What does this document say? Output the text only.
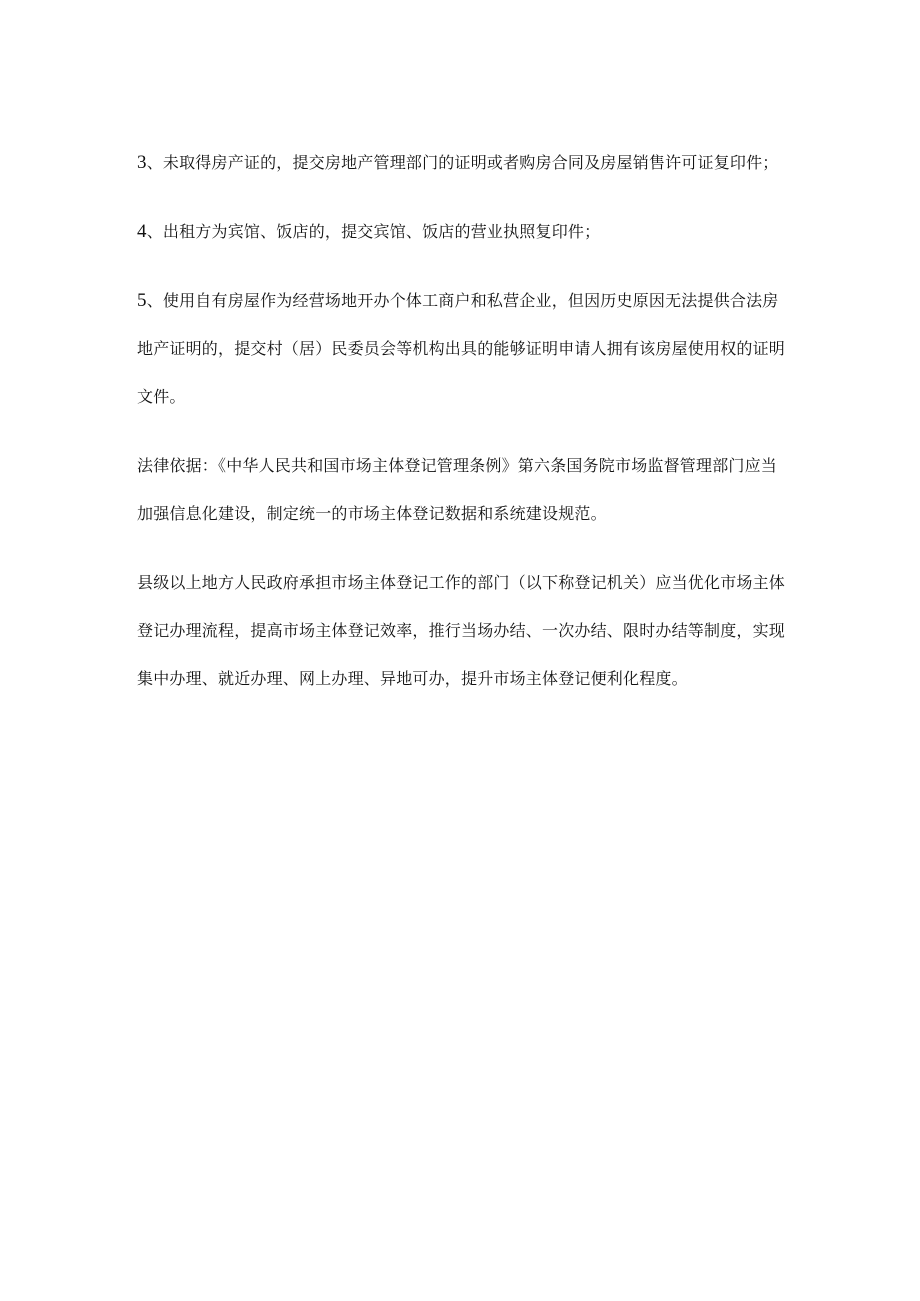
3、未取得房产证的，提交房地产管理部门的证明或者购房合同及房屋销售许可证复印件；

4、出租方为宾馆、饭店的，提交宾馆、饭店的营业执照复印件；

5、使用自有房屋作为经营场地开办个体工商户和私营企业，但因历史原因无法提供合法房地产证明的，提交村（居）民委员会等机构出具的能够证明申请人拥有该房屋使用权的证明文件。

法律依据：《中华人民共和国市场主体登记管理条例》第六条国务院市场监督管理部门应当加强信息化建设，制定统一的市场主体登记数据和系统建设规范。

县级以上地方人民政府承担市场主体登记工作的部门（以下称登记机关）应当优化市场主体登记办理流程，提高市场主体登记效率，推行当场办结、一次办结、限时办结等制度，实现集中办理、就近办理、网上办理、异地可办，提升市场主体登记便利化程度。
